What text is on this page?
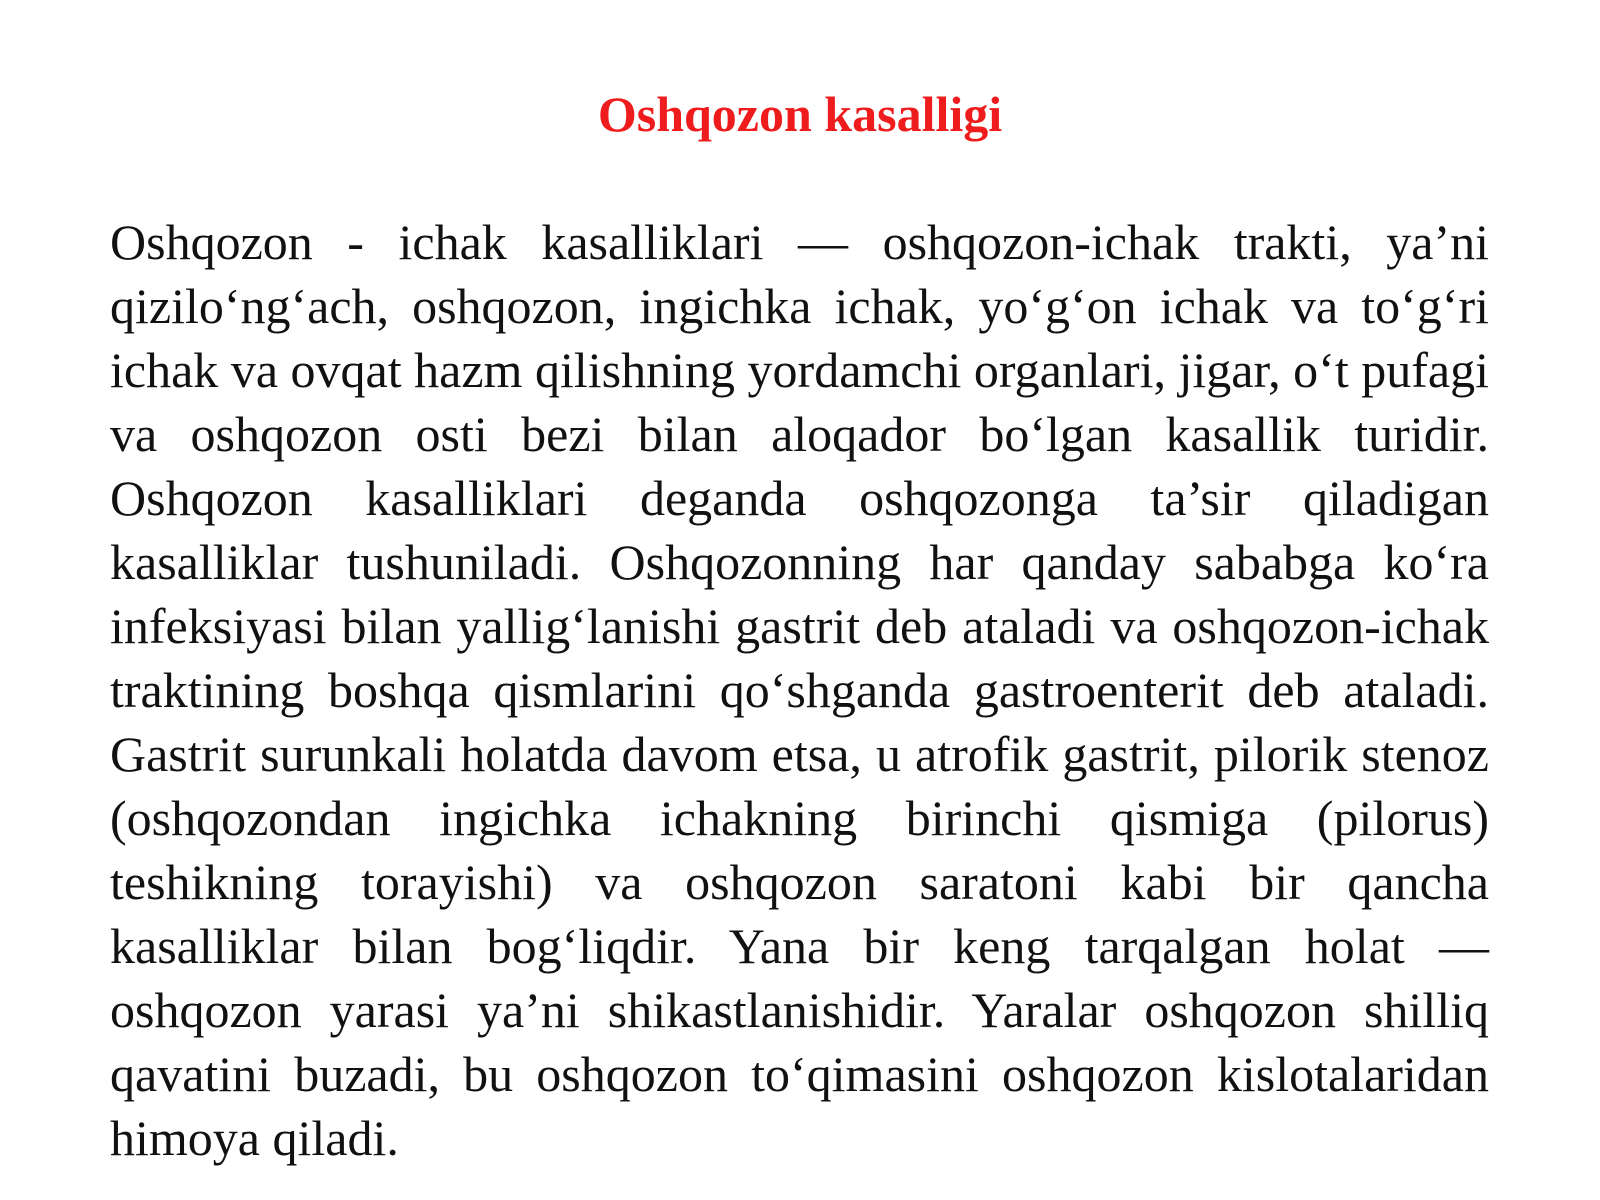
Oshqozon kasalligi

Oshqozon - ichak kasalliklari — oshqozon-ichak trakti, ya’ni qizilo‘ng‘ach, oshqozon, ingichka ichak, yo‘g‘on ichak va to‘g‘ri ichak va ovqat hazm qilishning yordamchi organlari, jigar, o‘t pufagi va oshqozon osti bezi bilan aloqador bo‘lgan kasallik turidir. Oshqozon kasalliklari deganda oshqozonga ta’sir qiladigan kasalliklar tushuniladi. Oshqozonning har qanday sababga ko‘ra infeksiyasi bilan yallig‘lanishi gastrit deb ataladi va oshqozon-ichak traktining boshqa qismlarini qo‘shganda gastroenterit deb ataladi. Gastrit surunkali holatda davom etsa, u atrofik gastrit, pilorik stenoz (oshqozondan ingichka ichakning birinchi qismiga (pilorus) teshikning torayishi) va oshqozon saratoni kabi bir qancha kasalliklar bilan bog‘liqdir. Yana bir keng tarqalgan holat — oshqozon yarasi ya’ni shikastlanishidir. Yaralar oshqozon shilliq qavatini buzadi, bu oshqozon to‘qimasini oshqozon kislotalaridan himoya qiladi.
